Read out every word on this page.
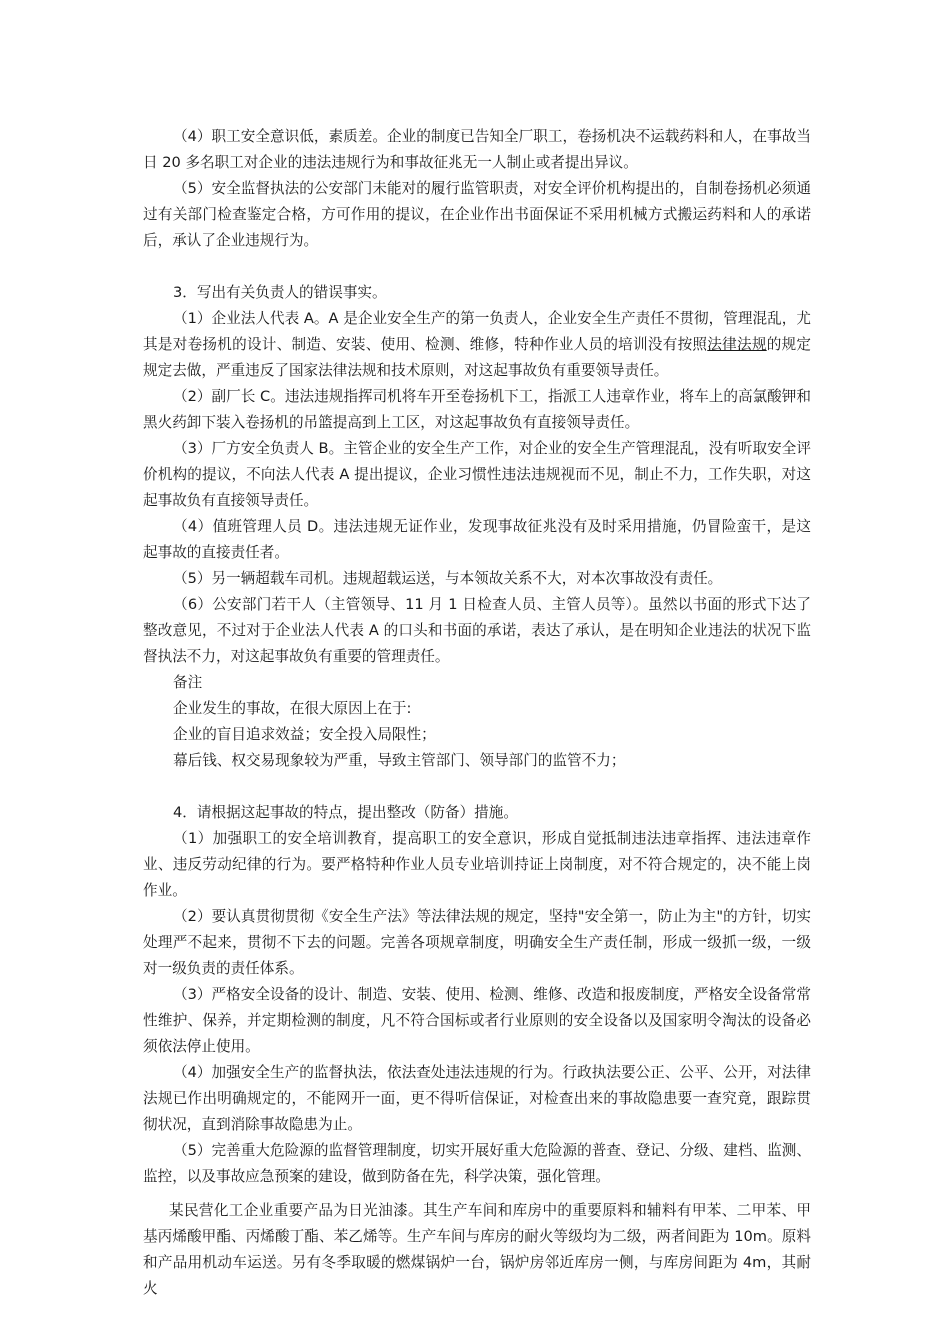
（4）职工安全意识低，素质差。企业的制度已告知全厂职工，卷扬机决不运载药料和人，在事故当日 20 多名职工对企业的违法违规行为和事故征兆无一人制止或者提出异议。

（5）安全监督执法的公安部门未能对的履行监管职责，对安全评价机构提出的，自制卷扬机必须通过有关部门检查鉴定合格，方可作用的提议，在企业作出书面保证不采用机械方式搬运药料和人的承诺后，承认了企业违规行为。

3．写出有关负责人的错误事实。

（1）企业法人代表 A。A 是企业安全生产的第一负责人，企业安全生产责任不贯彻，管理混乱，尤其是对卷扬机的设计、制造、安装、使用、检测、维修，特种作业人员的培训没有按照法律法规的规定规定去做，严重违反了国家法律法规和技术原则，对这起事故负有重要领导责任。

（2）副厂长 C。违法违规指挥司机将车开至卷扬机下工，指派工人违章作业，将车上的高氯酸钾和黑火药卸下装入卷扬机的吊篮提高到上工区，对这起事故负有直接领导责任。

（3）厂方安全负责人 B。主管企业的安全生产工作，对企业的安全生产管理混乱，没有听取安全评价机构的提议，不向法人代表 A 提出提议，企业习惯性违法违规视而不见，制止不力，工作失职，对这起事故负有直接领导责任。

（4）值班管理人员 D。违法违规无证作业，发现事故征兆没有及时采用措施，仍冒险蛮干，是这起事故的直接责任者。

（5）另一辆超载车司机。违规超载运送，与本领故关系不大，对本次事故没有责任。

（6）公安部门若干人（主管领导、11 月 1 日检查人员、主管人员等）。虽然以书面的形式下达了整改意见，不过对于企业法人代表 A 的口头和书面的承诺，表达了承认，是在明知企业违法的状况下监督执法不力，对这起事故负有重要的管理责任。

备注

企业发生的事故，在很大原因上在于:

企业的盲目追求效益；安全投入局限性；

幕后钱、权交易现象较为严重，导致主管部门、领导部门的监管不力；

4．请根据这起事故的特点，提出整改（防备）措施。

（1）加强职工的安全培训教育，提高职工的安全意识，形成自觉抵制违法违章指挥、违法违章作业、违反劳动纪律的行为。要严格特种作业人员专业培训持证上岗制度，对不符合规定的，决不能上岗作业。

（2）要认真贯彻贯彻《安全生产法》等法律法规的规定，坚持"安全第一，防止为主"的方针，切实处理严不起来，贯彻不下去的问题。完善各项规章制度，明确安全生产责任制，形成一级抓一级，一级对一级负责的责任体系。

（3）严格安全设备的设计、制造、安装、使用、检测、维修、改造和报废制度，严格安全设备常常性维护、保养，并定期检测的制度，凡不符合国标或者行业原则的安全设备以及国家明令淘汰的设备必须依法停止使用。

（4）加强安全生产的监督执法，依法查处违法违规的行为。行政执法要公正、公平、公开，对法律法规已作出明确规定的，不能网开一面，更不得听信保证，对检查出来的事故隐患要一查究竟，跟踪贯彻状况，直到消除事故隐患为止。

（5）完善重大危险源的监督管理制度，切实开展好重大危险源的普查、登记、分级、建档、监测、监控，以及事故应急预案的建设，做到防备在先，科学决策，强化管理。

某民营化工企业重要产品为日光油漆。其生产车间和库房中的重要原料和辅料有甲苯、二甲苯、甲基丙烯酸甲酯、丙烯酸丁酯、苯乙烯等。生产车间与库房的耐火等级均为二级，两者间距为 10m。原料和产品用机动车运送。另有冬季取暖的燃煤锅炉一台，锅炉房邻近库房一侧，与库房间距为 4m，其耐火
